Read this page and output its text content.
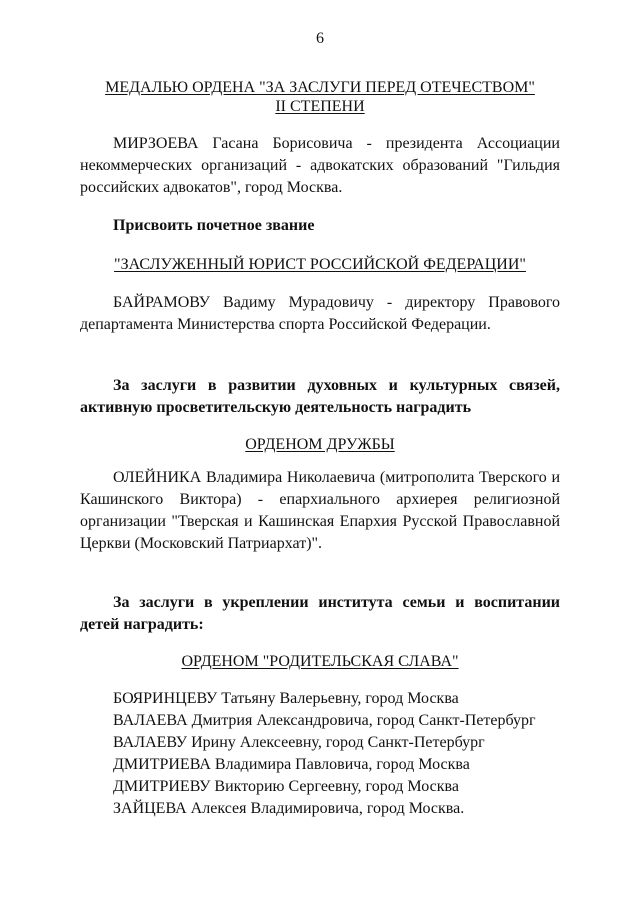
6
МЕДАЛЬЮ ОРДЕНА "ЗА ЗАСЛУГИ ПЕРЕД ОТЕЧЕСТВОМ"
II СТЕПЕНИ
МИРЗОЕВА Гасана Борисовича - президента Ассоциации некоммерческих организаций - адвокатских образований "Гильдия российских адвокатов", город Москва.
Присвоить почетное звание
"ЗАСЛУЖЕННЫЙ ЮРИСТ РОССИЙСКОЙ ФЕДЕРАЦИИ"
БАЙРАМОВУ Вадиму Мурадовичу - директору Правового департамента Министерства спорта Российской Федерации.
За заслуги в развитии духовных и культурных связей, активную просветительскую деятельность наградить
ОРДЕНОМ ДРУЖБЫ
ОЛЕЙНИКА Владимира Николаевича (митрополита Тверского и Кашинского Виктора) - епархиального архиерея религиозной организации "Тверская и Кашинская Епархия Русской Православной Церкви (Московский Патриархат)".
За заслуги в укреплении института семьи и воспитании детей наградить:
ОРДЕНОМ "РОДИТЕЛЬСКАЯ СЛАВА"
БОЯРИНЦЕВУ Татьяну Валерьевну, город Москва
ВАЛАЕВА Дмитрия Александровича, город Санкт-Петербург
ВАЛАЕВУ Ирину Алексеевну, город Санкт-Петербург
ДМИТРИЕВА Владимира Павловича, город Москва
ДМИТРИЕВУ Викторию Сергеевну, город Москва
ЗАЙЦЕВА Алексея Владимировича, город Москва.
